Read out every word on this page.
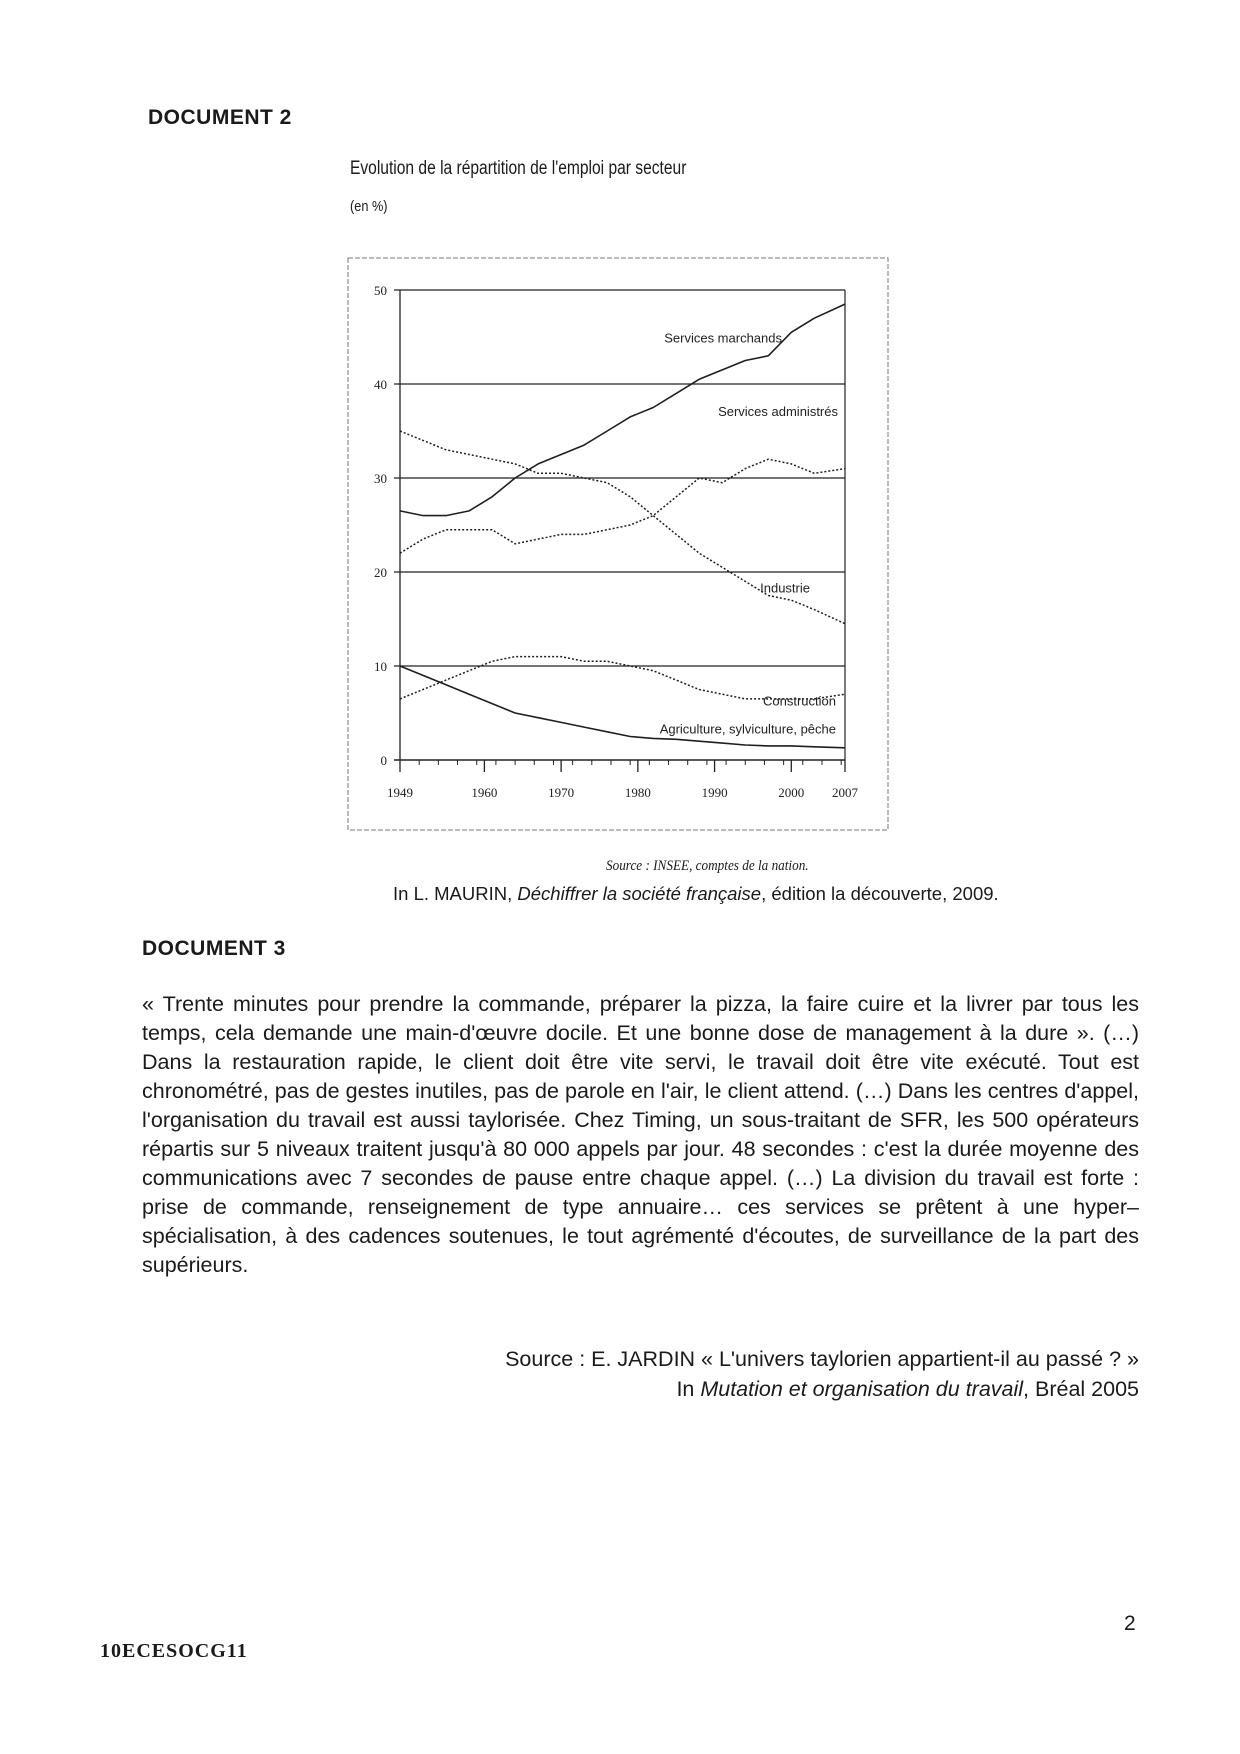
DOCUMENT 2
Evolution de la répartition de l'emploi par secteur
(en %)
0
10
20
30
40
50
1949	1960	1970	1980	1990	2000 2007
Services marchands
Services administrés
Industrie
Construction
Agriculture, sylviculture, pêche
Source : INSEE, comptes de la nation.
In L. MAURIN, Déchiffrer la société française, édition la découverte, 2009.
DOCUMENT 3

« Trente minutes pour prendre la commande, préparer la pizza, la faire cuire et la livrer par tous les temps, cela demande une main-d'œuvre docile. Et une bonne dose de management à la dure ». (…) Dans la restauration rapide, le client doit être vite servi, le travail doit être vite exécuté. Tout est chronométré, pas de gestes inutiles, pas de parole en l'air, le client attend. (…) Dans les centres d'appel, l'organisation du travail est aussi taylorisée. Chez Timing, un sous-traitant de SFR, les 500 opérateurs répartis sur 5 niveaux traitent jusqu'à 80 000 appels par jour. 48 secondes : c'est la durée moyenne des communications avec 7 secondes de pause entre chaque appel. (…) La division du travail est forte : prise de commande, renseignement de type annuaire… ces services se prêtent à une hyper–spécialisation, à des cadences soutenues, le tout agrémenté d'écoutes, de surveillance de la part des supérieurs.

Source : E. JARDIN « L'univers taylorien appartient-il au passé ? »
In Mutation et organisation du travail, Bréal 2005
2
10ECESOCG11
